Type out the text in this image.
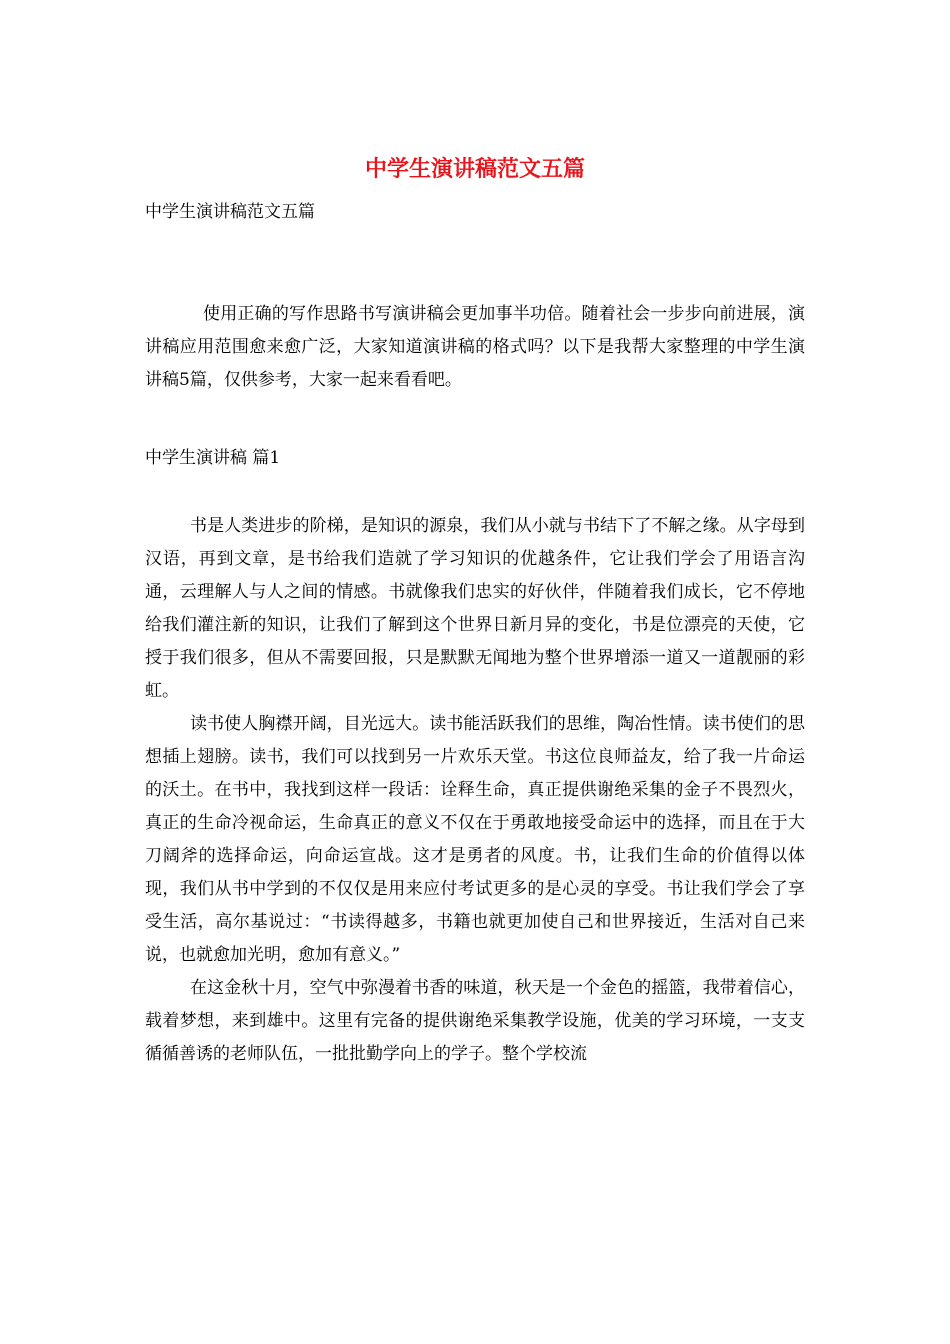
中学生演讲稿范文五篇

中学生演讲稿范文五篇

使用正确的写作思路书写演讲稿会更加事半功倍。随着社会一步步向前进展，演讲稿应用范围愈来愈广泛，大家知道演讲稿的格式吗？以下是我帮大家整理的中学生演讲稿5篇，仅供参考，大家一起来看看吧。

中学生演讲稿 篇1

书是人类进步的阶梯，是知识的源泉，我们从小就与书结下了不解之缘。从字母到汉语，再到文章，是书给我们造就了学习知识的优越条件，它让我们学会了用语言沟通，云理解人与人之间的情感。书就像我们忠实的好伙伴，伴随着我们成长，它不停地给我们灌注新的知识，让我们了解到这个世界日新月异的变化，书是位漂亮的天使，它授于我们很多，但从不需要回报，只是默默无闻地为整个世界增添一道又一道靓丽的彩虹。

读书使人胸襟开阔，目光远大。读书能活跃我们的思维，陶冶性情。读书使们的思想插上翅膀。读书，我们可以找到另一片欢乐天堂。书这位良师益友，给了我一片命运的沃土。在书中，我找到这样一段话：诠释生命，真正提供谢绝采集的金子不畏烈火，真正的生命冷视命运，生命真正的意义不仅在于勇敢地接受命运中的选择，而且在于大刀阔斧的选择命运，向命运宣战。这才是勇者的风度。书，让我们生命的价值得以体现，我们从书中学到的不仅仅是用来应付考试更多的是心灵的享受。书让我们学会了享受生活，高尔基说过：“书读得越多，书籍也就更加使自己和世界接近，生活对自己来说，也就愈加光明，愈加有意义。”

在这金秋十月，空气中弥漫着书香的味道，秋天是一个金色的摇篮，我带着信心，载着梦想，来到雄中。这里有完备的提供谢绝采集教学设施，优美的学习环境，一支支循循善诱的老师队伍，一批批勤学向上的学子。整个学校流
